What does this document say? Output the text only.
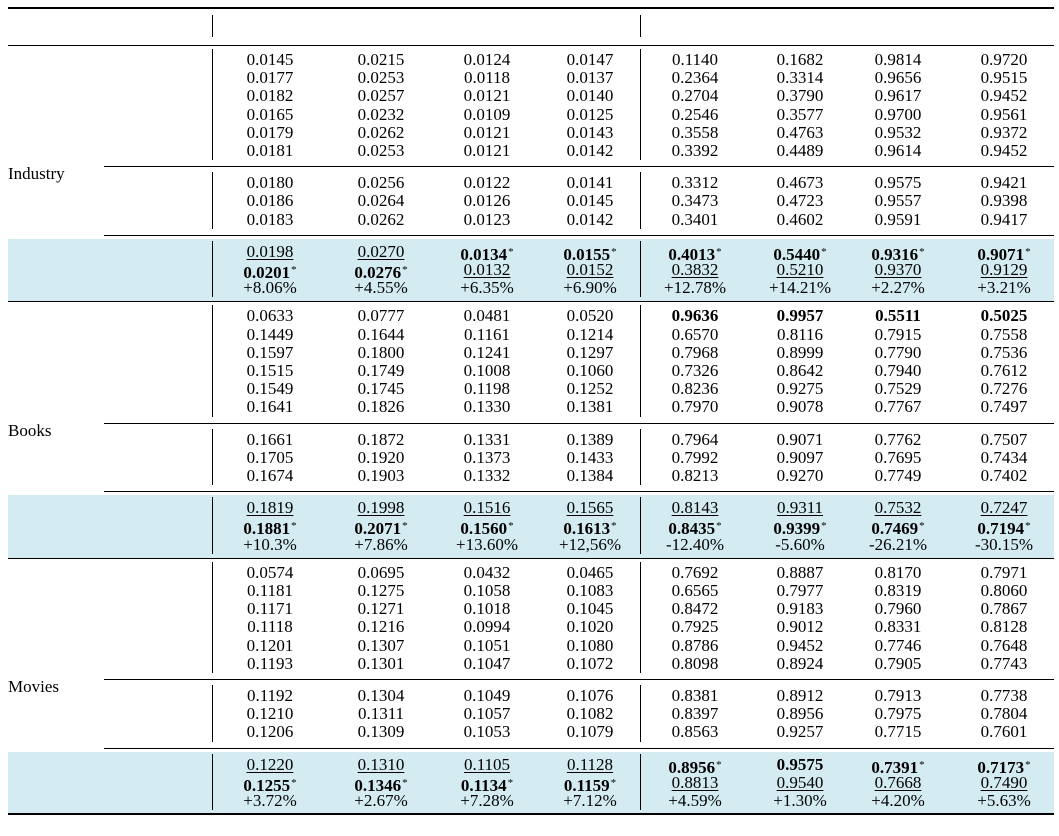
0.0145	0.0215	0.0124	0.0147	0.1140	0.1682	0.9814	0.9720
0.0177	0.0253	0.0118	0.0137	0.2364	0.3314	0.9656	0.9515
0.0182	0.0257	0.0121	0.0140	0.2704	0.3790	0.9617	0.9452
0.0165	0.0232	0.0109	0.0125	0.2546	0.3577	0.9700	0.9561
0.0179	0.0262	0.0121	0.0143	0.3558	0.4763	0.9532	0.9372
0.0181	0.0253	0.0121	0.0142	0.3392	0.4489	0.9614	0.9452
0.0180	0.0256	0.0122	0.0141	0.3312	0.4673	0.9575	0.9421
0.0186	0.0264	0.0126	0.0145	0.3473	0.4723	0.9557	0.9398
0.0183	0.0262	0.0123	0.0142	0.3401	0.4602	0.9591	0.9417
0.0198	0.0270	0.0134*	0.0155*	0.4013*	0.5440*	0.9316*	0.9071*
0.0201*	0.0276*	0.0132	0.0152	0.3832	0.5210	0.9370	0.9129
+8.06%	+4.55%	+6.35%	+6.90%	+12.78%	+14.21%	+2.27%	+3.21%
Industry
0.0633	0.0777	0.0481	0.0520	0.9636	0.9957	0.5511	0.5025
0.1449	0.1644	0.1161	0.1214	0.6570	0.8116	0.7915	0.7558
0.1597	0.1800	0.1241	0.1297	0.7968	0.8999	0.7790	0.7536
0.1515	0.1749	0.1008	0.1060	0.7326	0.8642	0.7940	0.7612
0.1549	0.1745	0.1198	0.1252	0.8236	0.9275	0.7529	0.7276
0.1641	0.1826	0.1330	0.1381	0.7970	0.9078	0.7767	0.7497
0.1661	0.1872	0.1331	0.1389	0.7964	0.9071	0.7762	0.7507
0.1705	0.1920	0.1373	0.1433	0.7992	0.9097	0.7695	0.7434
0.1674	0.1903	0.1332	0.1384	0.8213	0.9270	0.7749	0.7402
0.1819	0.1998	0.1516	0.1565	0.8143	0.9311	0.7532	0.7247
0.1881*	0.2071*	0.1560*	0.1613*	0.8435*	0.9399*	0.7469*	0.7194*
+10.3%	+7.86%	+13.60%	+12,56%	-12.40%	-5.60%	-26.21%	-30.15%
Books
0.0574	0.0695	0.0432	0.0465	0.7692	0.8887	0.8170	0.7971
0.1181	0.1275	0.1058	0.1083	0.6565	0.7977	0.8319	0.8060
0.1171	0.1271	0.1018	0.1045	0.8472	0.9183	0.7960	0.7867
0.1118	0.1216	0.0994	0.1020	0.7925	0.9012	0.8331	0.8128
0.1201	0.1307	0.1051	0.1080	0.8786	0.9452	0.7746	0.7648
0.1193	0.1301	0.1047	0.1072	0.8098	0.8924	0.7905	0.7743
0.1192	0.1304	0.1049	0.1076	0.8381	0.8912	0.7913	0.7738
0.1210	0.1311	0.1057	0.1082	0.8397	0.8956	0.7975	0.7804
0.1206	0.1309	0.1053	0.1079	0.8563	0.9257	0.7715	0.7601
0.1220	0.1310	0.1105	0.1128	0.8956*	0.9575	0.7391*	0.7173*
0.1255*	0.1346*	0.1134*	0.1159*	0.8813	0.9540	0.7668	0.7490
+3.72%	+2.67%	+7.28%	+7.12%	+4.59%	+1.30%	+4.20%	+5.63%
Movies
